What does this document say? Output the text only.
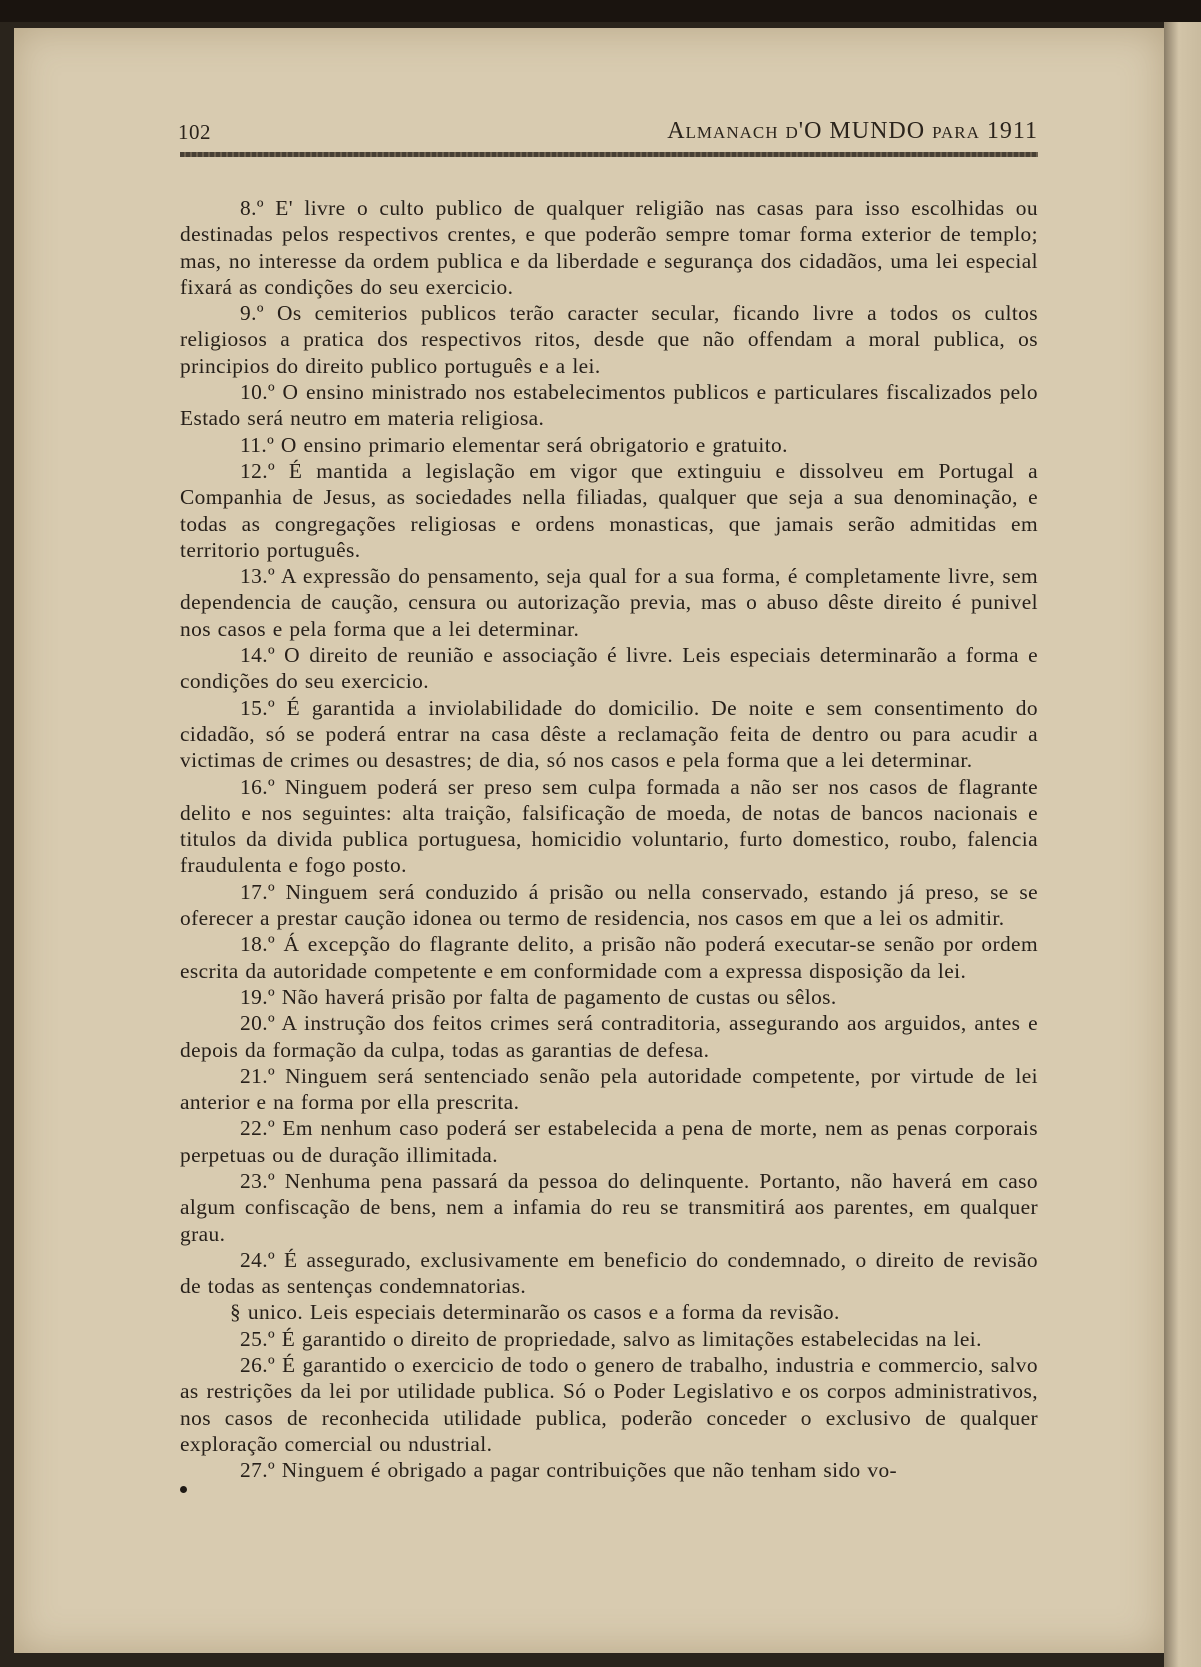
102	Almanach d'O MUNDO para 1911

8.º E' livre o culto publico de qualquer religião nas casas para isso escolhidas ou destinadas pelos respectivos crentes, e que poderão sempre tomar forma exterior de templo; mas, no interesse da ordem publica e da liberdade e segurança dos cidadãos, uma lei especial fixará as condições do seu exercicio.

9.º Os cemiterios publicos terão caracter secular, ficando livre a todos os cultos religiosos a pratica dos respectivos ritos, desde que não offendam a moral publica, os principios do direito publico português e a lei.

10.º O ensino ministrado nos estabelecimentos publicos e particulares fiscalizados pelo Estado será neutro em materia religiosa.

11.º O ensino primario elementar será obrigatorio e gratuito.

12.º É mantida a legislação em vigor que extinguiu e dissolveu em Portugal a Companhia de Jesus, as sociedades nella filiadas, qualquer que seja a sua denominação, e todas as congregações religiosas e ordens monasticas, que jamais serão admitidas em territorio português.

13.º A expressão do pensamento, seja qual for a sua forma, é completamente livre, sem dependencia de caução, censura ou autorização previa, mas o abuso dêste direito é punivel nos casos e pela forma que a lei determinar.

14.º O direito de reunião e associação é livre. Leis especiais determinarão a forma e condições do seu exercicio.

15.º É garantida a inviolabilidade do domicilio. De noite e sem consentimento do cidadão, só se poderá entrar na casa dêste a reclamação feita de dentro ou para acudir a victimas de crimes ou desastres; de dia, só nos casos e pela forma que a lei determinar.

16.º Ninguem poderá ser preso sem culpa formada a não ser nos casos de flagrante delito e nos seguintes: alta traição, falsificação de moeda, de notas de bancos nacionais e titulos da divida publica portuguesa, homicidio voluntario, furto domestico, roubo, falencia fraudulenta e fogo posto.

17.º Ninguem será conduzido á prisão ou nella conservado, estando já preso, se se oferecer a prestar caução idonea ou termo de residencia, nos casos em que a lei os admitir.

18.º Á excepção do flagrante delito, a prisão não poderá executar-se senão por ordem escrita da autoridade competente e em conformidade com a expressa disposição da lei.

19.º Não haverá prisão por falta de pagamento de custas ou sêlos.

20.º A instrução dos feitos crimes será contraditoria, assegurando aos arguidos, antes e depois da formação da culpa, todas as garantias de defesa.

21.º Ninguem será sentenciado senão pela autoridade competente, por virtude de lei anterior e na forma por ella prescrita.

22.º Em nenhum caso poderá ser estabelecida a pena de morte, nem as penas corporais perpetuas ou de duração illimitada.

23.º Nenhuma pena passará da pessoa do delinquente. Portanto, não haverá em caso algum confiscação de bens, nem a infamia do reu se transmitirá aos parentes, em qualquer grau.

24.º É assegurado, exclusivamente em beneficio do condemnado, o direito de revisão de todas as sentenças condemnatorias.

§ unico. Leis especiais determinarão os casos e a forma da revisão.

25.º É garantido o direito de propriedade, salvo as limitações estabelecidas na lei.

26.º É garantido o exercicio de todo o genero de trabalho, industria e commercio, salvo as restrições da lei por utilidade publica. Só o Poder Legislativo e os corpos administrativos, nos casos de reconhecida utilidade publica, poderão conceder o exclusivo de qualquer exploração comercial ou ndustrial.

27.º Ninguem é obrigado a pagar contribuições que não tenham sido vo-
